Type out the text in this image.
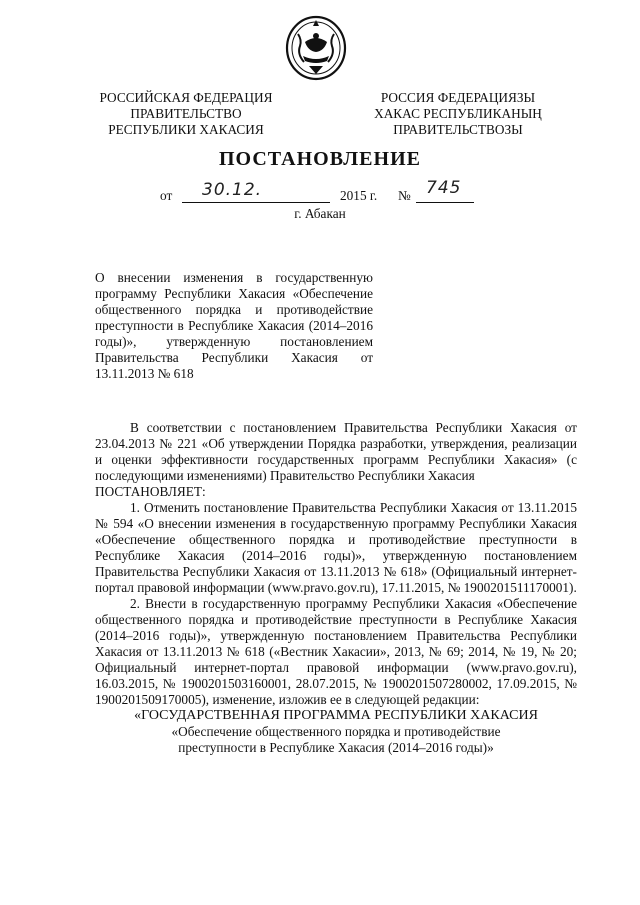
РОССИЙСКАЯ ФЕДЕРАЦИЯ
ПРАВИТЕЛЬСТВО
РЕСПУБЛИКИ ХАКАСИЯ
РОССИЯ ФЕДЕРАЦИЯЗЫ
ХАКАС РЕСПУБЛИКАНЫҢ
ПРАВИТЕЛЬСТВОЗЫ
ПОСТАНОВЛЕНИЕ
от 30.12.	2015 г. № 745
г. Абакан
О внесении изменения в государственную программу Республики Хакасия «Обеспечение общественного порядка и противодействие преступности в Республике Хакасия (2014–2016 годы)», утвержденную постановлением Правительства Республики Хакасия от 13.11.2013 № 618

В соответствии с постановлением Правительства Республики Хакасия от 23.04.2013 № 221 «Об утверждении Порядка разработки, утверждения, реализации и оценки эффективности государственных программ Республики Хакасия» (с последующими изменениями) Правительство Республики Хакасия

ПОСТАНОВЛЯЕТ:

1. Отменить постановление Правительства Республики Хакасия от 13.11.2015 № 594 «О внесении изменения в государственную программу Республики Хакасия «Обеспечение общественного порядка и противодействие преступности в Республике Хакасия (2014–2016 годы)», утвержденную постановлением Правительства Республики Хакасия от 13.11.2013 № 618» (Официальный интернет-портал правовой информации (www.pravo.gov.ru), 17.11.2015, № 1900201511170001).

2. Внести в государственную программу Республики Хакасия «Обеспечение общественного порядка и противодействие преступности в Республике Хакасия (2014–2016 годы)», утвержденную постановлением Правительства Республики Хакасия от 13.11.2013 № 618 («Вестник Хакасии», 2013, № 69; 2014, № 19, № 20; Официальный интернет-портал правовой информации (www.pravo.gov.ru), 16.03.2015, № 1900201503160001, 28.07.2015, № 1900201507280002, 17.09.2015, № 1900201509170005), изменение, изложив ее в следующей редакции:

«ГОСУДАРСТВЕННАЯ ПРОГРАММА РЕСПУБЛИКИ ХАКАСИЯ

«Обеспечение общественного порядка и противодействие

преступности в Республике Хакасия (2014–2016 годы)»
